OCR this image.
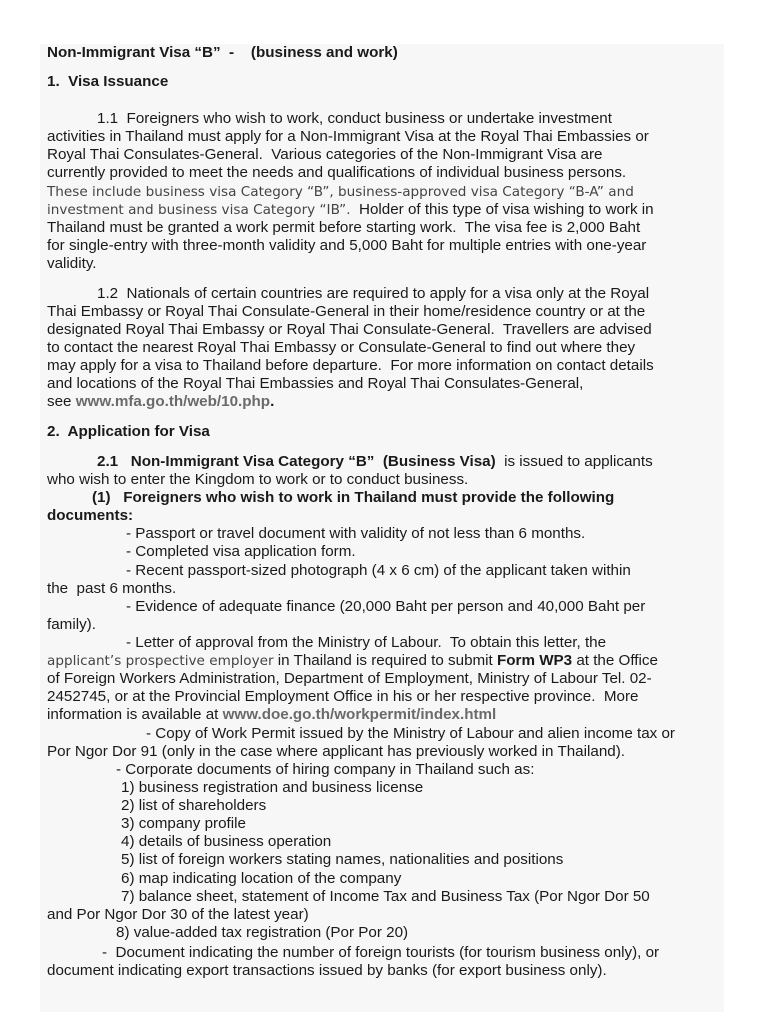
Non-Immigrant Visa “B”  -    (business and work)
1.  Visa Issuance
1.1  Foreigners who wish to work, conduct business or undertake investment
activities in Thailand must apply for a Non-Immigrant Visa at the Royal Thai Embassies or
Royal Thai Consulates-General.  Various categories of the Non-Immigrant Visa are
currently provided to meet the needs and qualifications of individual business persons.
These include business visa Category “B”, business-approved visa Category “B-A” and
investment and business visa Category “IB”. Holder of this type of visa wishing to work in
Thailand must be granted a work permit before starting work.  The visa fee is 2,000 Baht
for single-entry with three-month validity and 5,000 Baht for multiple entries with one-year
validity.
1.2  Nationals of certain countries are required to apply for a visa only at the Royal
Thai Embassy or Royal Thai Consulate-General in their home/residence country or at the
designated Royal Thai Embassy or Royal Thai Consulate-General.  Travellers are advised
to contact the nearest Royal Thai Embassy or Consulate-General to find out where they
may apply for a visa to Thailand before departure.  For more information on contact details
and locations of the Royal Thai Embassies and Royal Thai Consulates-General,
see www.mfa.go.th/web/10.php.
2.  Application for Visa
2.1   Non-Immigrant Visa Category “B”  (Business Visa)  is issued to applicants
who wish to enter the Kingdom to work or to conduct business.
(1)   Foreigners who wish to work in Thailand must provide the following
documents:
- Passport or travel document with validity of not less than 6 months.
- Completed visa application form.
- Recent passport-sized photograph (4 x 6 cm) of the applicant taken within
the  past 6 months.
- Evidence of adequate finance (20,000 Baht per person and 40,000 Baht per
family).
- Letter of approval from the Ministry of Labour.  To obtain this letter, the
applicant’s prospective employer in Thailand is required to submit Form WP3 at the Office
of Foreign Workers Administration, Department of Employment, Ministry of Labour Tel. 02-
2452745, or at the Provincial Employment Office in his or her respective province.  More
information is available at www.doe.go.th/workpermit/index.html
- Copy of Work Permit issued by the Ministry of Labour and alien income tax or
Por Ngor Dor 91 (only in the case where applicant has previously worked in Thailand).
- Corporate documents of hiring company in Thailand such as:
1) business registration and business license
2) list of shareholders
3) company profile
4) details of business operation
5) list of foreign workers stating names, nationalities and positions
6) map indicating location of the company
7) balance sheet, statement of Income Tax and Business Tax (Por Ngor Dor 50
and Por Ngor Dor 30 of the latest year)
8) value-added tax registration (Por Por 20)
-  Document indicating the number of foreign tourists (for tourism business only), or
document indicating export transactions issued by banks (for export business only).
